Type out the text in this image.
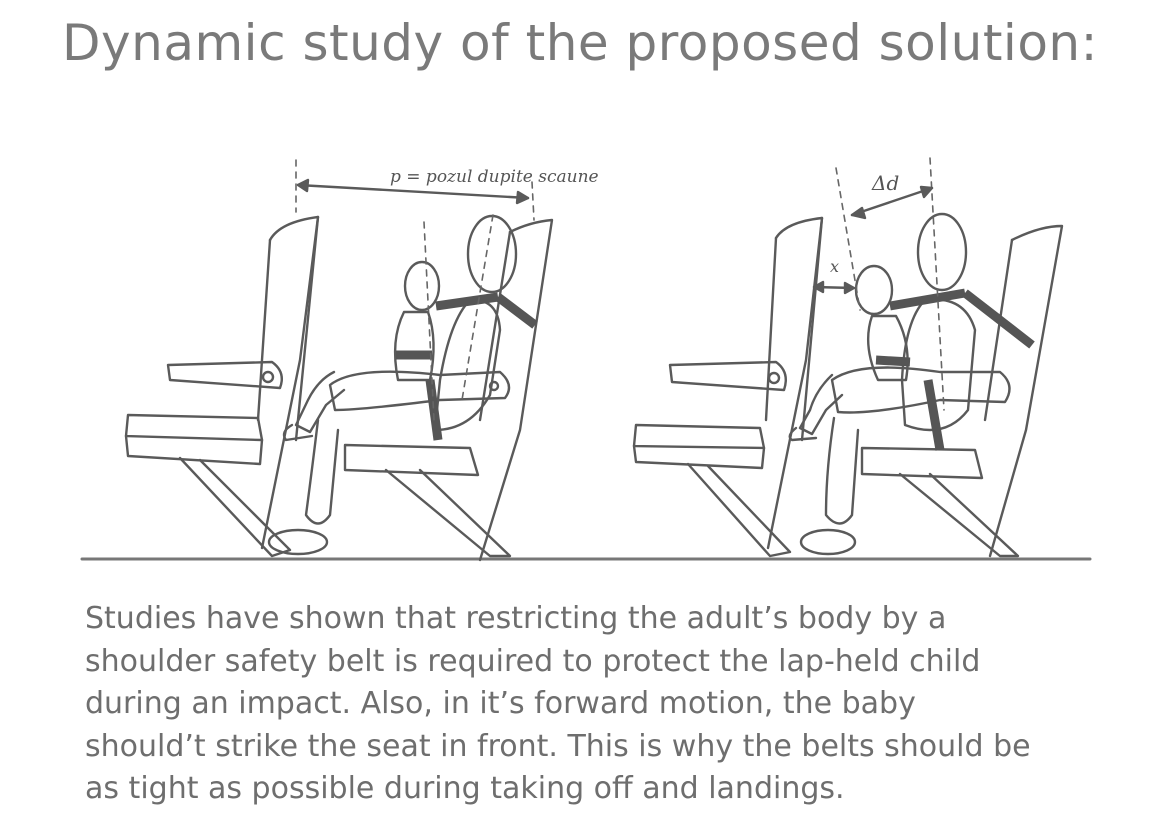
Dynamic study of the proposed solution:
p = pozul dupite scaune	Δd
x
Studies have shown that restricting the adult’s body by a
shoulder safety belt is required to protect the lap-held child
during an impact. Also, in it’s forward motion, the baby
should’t strike the seat in front. This is why the belts should be
as tight as possible during taking off and landings.
